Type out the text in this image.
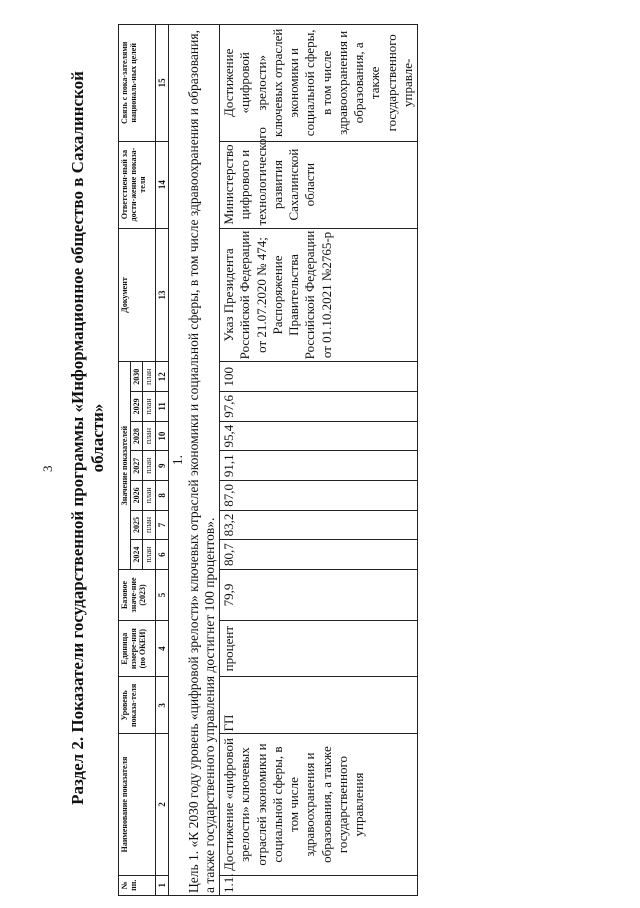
3 Раздел 2. Показатели государственной программы «Информационное общество в Сахалинской области»
№ пп.	Наименование показателя	Уровень показа-теля	Единица измере-ния (по ОКЕИ)	Базовое значе-ние (2023)	Значение показателей							Документ	Ответствен-ный за дости-жение показа-теля	Связь с пока-зателями националь-ных целей
					2024	2025	2026	2027	2028	2029	2030			
					план	план	план	план	план	план	план			
1	2	3	4	5	6	7	8	9	10	11	12	13	14	15

1. Цель 1. «К 2030 году уровень «цифровой зрелости» ключевых отраслей экономики и социальной сферы, в том числе здравоохранения и образования, а также государственного управления достигнет 100 процентов».														

1.1.	Достижение «цифровой зрелости» ключевых отраслей экономики и социальной сферы, в том числе здравоохранения и образования, а также государственного управления	ГП	процент	79,9	80,7	83,2	87,0	91,1	95,4	97,6	100	Указ Президента Российской Федерации от 21.07.2020 № 474; Распоряжение Правительства Российской Федерации от 01.10.2021 №2765-р	Министерство цифрового и технологического развития Сахалинской области	Достижение «цифровой зрелости» ключевых отраслей экономики и социальной сферы, в том числе здравоохранения и образования, а также государственного управле-
